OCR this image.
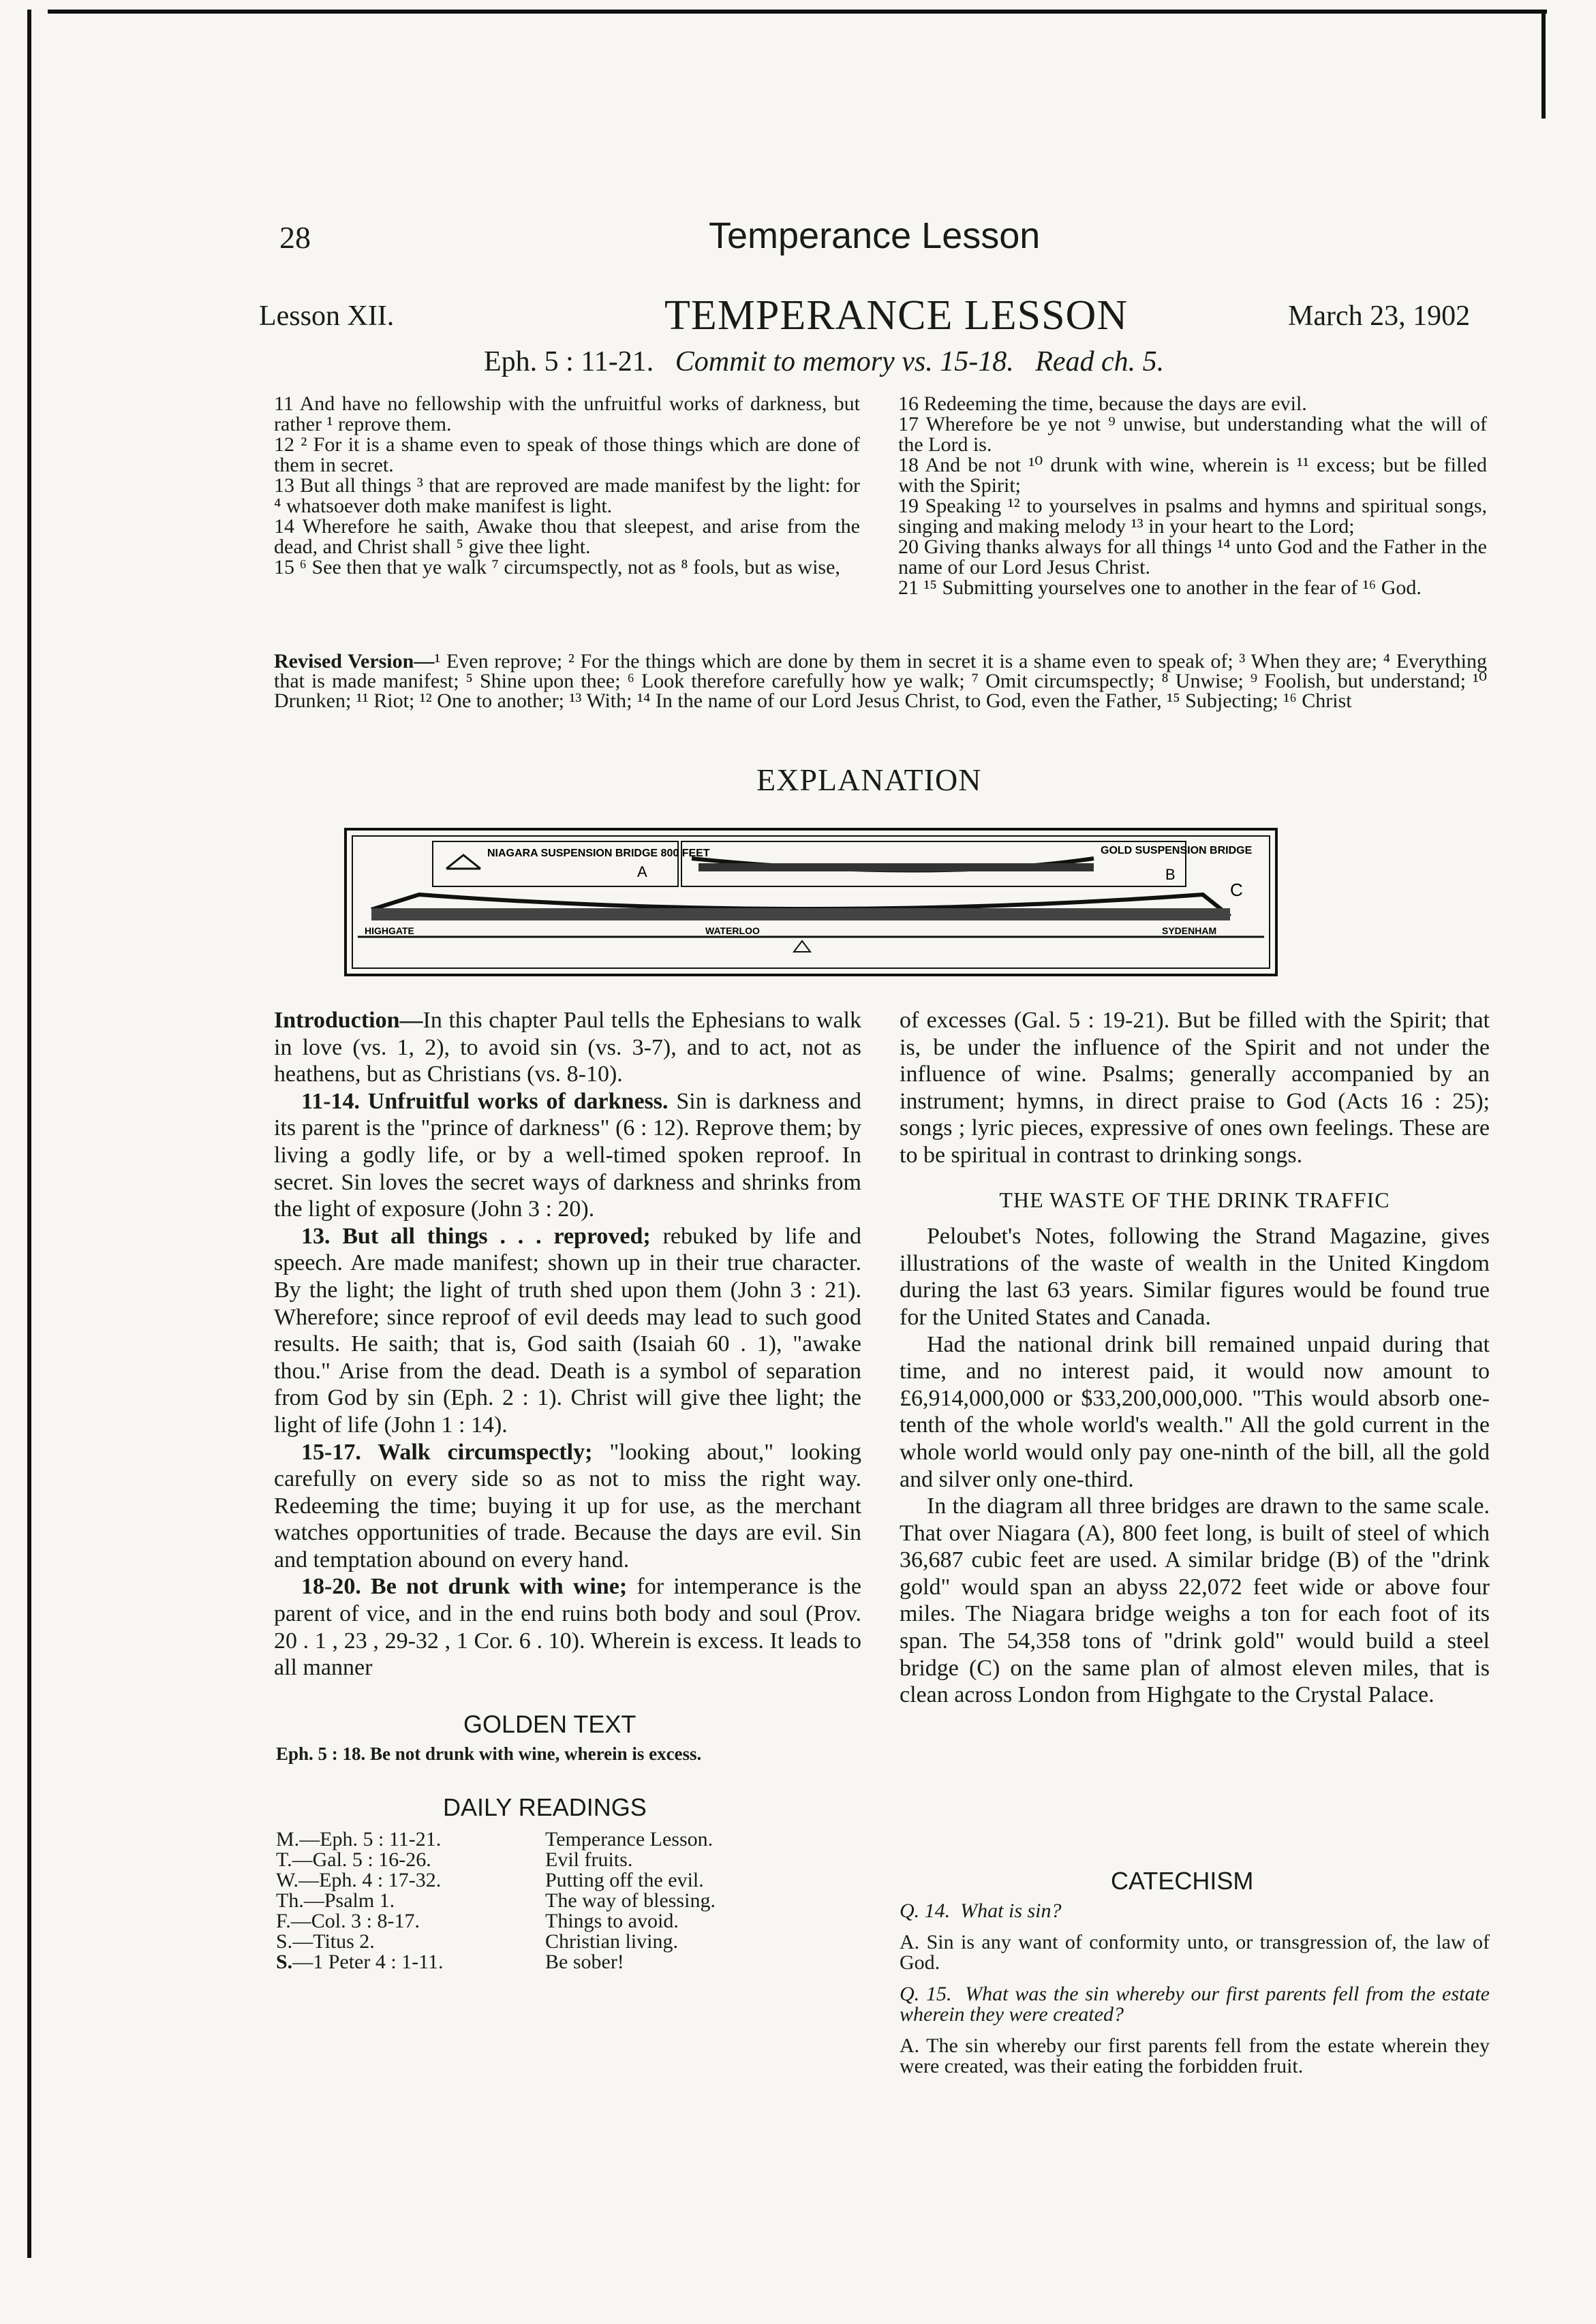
28	Temperance Lesson
Lesson XII.	TEMPERANCE LESSON	March 23, 1902
Eph. 5 : 11-21. Commit to memory vs. 15-18. Read ch. 5.

11 And have no fellowship with the unfruitful works of darkness, but rather ¹ reprove them.

12 ² For it is a shame even to speak of those things which are done of them in secret.

13 But all things ³ that are reproved are made manifest by the light: for ⁴ whatsoever doth make manifest is light.

14 Wherefore he saith, Awake thou that sleepest, and arise from the dead, and Christ shall ⁵ give thee light.

15 ⁶ See then that ye walk ⁷ circumspectly, not as ⁸ fools, but as wise,

16 Redeeming the time, because the days are evil.

17 Wherefore be ye not ⁹ unwise, but understanding what the will of the Lord is.

18 And be not ¹⁰ drunk with wine, wherein is ¹¹ excess; but be filled with the Spirit;

19 Speaking ¹² to yourselves in psalms and hymns and spiritual songs, singing and making melody ¹³ in your heart to the Lord;

20 Giving thanks always for all things ¹⁴ unto God and the Father in the name of our Lord Jesus Christ.

21 ¹⁵ Submitting yourselves one to another in the fear of ¹⁶ God.

Revised Version—¹ Even reprove; ² For the things which are done by them in secret it is a shame even to speak of; ³ When they are; ⁴ Everything that is made manifest; ⁵ Shine upon thee; ⁶ Look therefore carefully how ye walk; ⁷ Omit circumspectly; ⁸ Unwise; ⁹ Foolish, but understand; ¹⁰ Drunken; ¹¹ Riot; ¹² One to another; ¹³ With; ¹⁴ In the name of our Lord Jesus Christ, to God, even the Father, ¹⁵ Subjecting; ¹⁶ Christ
EXPLANATION
NIAGARA SUSPENSION BRIDGE 800 FEET
A
GOLD SUSPENSION BRIDGE
B
C
HIGHGATE	WATERLOO	SYDENHAM

Introduction—In this chapter Paul tells the Ephesians to walk in love (vs. 1, 2), to avoid sin (vs. 3-7), and to act, not as heathens, but as Christians (vs. 8-10).

11-14. Unfruitful works of darkness. Sin is darkness and its parent is the "prince of darkness" (6 : 12). Reprove them; by living a godly life, or by a well-timed spoken reproof. In secret. Sin loves the secret ways of darkness and shrinks from the light of exposure (John 3 : 20).

13. But all things . . . reproved; rebuked by life and speech. Are made manifest; shown up in their true character. By the light; the light of truth shed upon them (John 3 : 21). Wherefore; since reproof of evil deeds may lead to such good results. He saith; that is, God saith (Isaiah 60 . 1), "awake thou." Arise from the dead. Death is a symbol of separation from God by sin (Eph. 2 : 1). Christ will give thee light; the light of life (John 1 : 14).

15-17. Walk circumspectly; "looking about," looking carefully on every side so as not to miss the right way. Redeeming the time; buying it up for use, as the merchant watches opportunities of trade. Because the days are evil. Sin and temptation abound on every hand.

18-20. Be not drunk with wine; for intemperance is the parent of vice, and in the end ruins both body and soul (Prov. 20 . 1 , 23 , 29-32 , 1 Cor. 6 . 10). Wherein is excess. It leads to all manner

of excesses (Gal. 5 : 19-21). But be filled with the Spirit; that is, be under the influence of the Spirit and not under the influence of wine. Psalms; generally accompanied by an instrument; hymns, in direct praise to God (Acts 16 : 25); songs ; lyric pieces, expressive of ones own feelings. These are to be spiritual in contrast to drinking songs.

THE WASTE OF THE DRINK TRAFFIC

Peloubet's Notes, following the Strand Magazine, gives illustrations of the waste of wealth in the United Kingdom during the last 63 years. Similar figures would be found true for the United States and Canada.

Had the national drink bill remained unpaid during that time, and no interest paid, it would now amount to £6,914,000,000 or $33,200,000,000. "This would absorb one-tenth of the whole world's wealth." All the gold current in the whole world would only pay one-ninth of the bill, all the gold and silver only one-third.

In the diagram all three bridges are drawn to the same scale. That over Niagara (A), 800 feet long, is built of steel of which 36,687 cubic feet are used. A similar bridge (B) of the "drink gold" would span an abyss 22,072 feet wide or above four miles. The Niagara bridge weighs a ton for each foot of its span. The 54,358 tons of "drink gold" would build a steel bridge (C) on the same plan of almost eleven miles, that is clean across London from Highgate to the Crystal Palace.

GOLDEN TEXT
Eph. 5 : 18. Be not drunk with wine, wherein is excess.
DAILY READINGS
M.—Eph. 5 : 11-21.	Temperance Lesson.
T.—Gal. 5 : 16-26.	Evil fruits.
W.—Eph. 4 : 17-32.	Putting off the evil.
Th.—Psalm 1.	The way of blessing.
F.—Col. 3 : 8-17.	Things to avoid.
S.—Titus 2.	Christian living.
S.—1 Peter 4 : 1-11.	Be sober!
CATECHISM

Q. 14. What is sin?

A. Sin is any want of conformity unto, or transgression of, the law of God.

Q. 15. What was the sin whereby our first parents fell from the estate wherein they were created?

A. The sin whereby our first parents fell from the estate wherein they were created, was their eating the forbidden fruit.
